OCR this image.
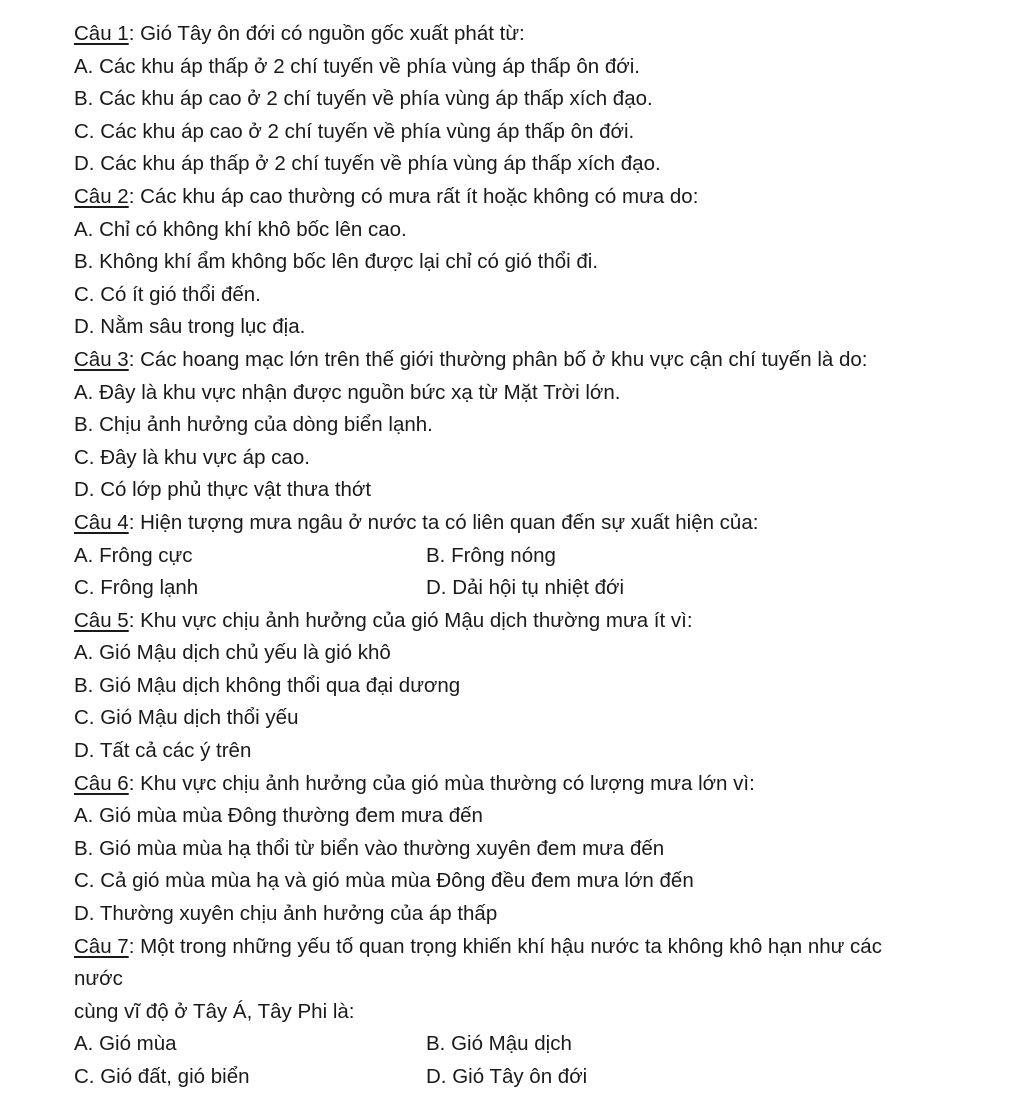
Câu 1: Gió Tây ôn đới có nguồn gốc xuất phát từ:
A. Các khu áp thấp ở 2 chí tuyến về phía vùng áp thấp ôn đới.
B. Các khu áp cao ở 2 chí tuyến về phía vùng áp thấp xích đạo.
C. Các khu áp cao ở 2 chí tuyến về phía vùng áp thấp ôn đới.
D. Các khu áp thấp ở 2 chí tuyến về phía vùng áp thấp xích đạo.
Câu 2: Các khu áp cao thường có mưa rất ít hoặc không có mưa do:
A. Chỉ có không khí khô bốc lên cao.
B. Không khí ẩm không bốc lên được lại chỉ có gió thổi đi.
C. Có ít gió thổi đến.
D. Nằm sâu trong lục địa.
Câu 3: Các hoang mạc lớn trên thế giới thường phân bố ở khu vực cận chí tuyến là do:
A. Đây là khu vực nhận được nguồn bức xạ từ Mặt Trời lớn.
B. Chịu ảnh hưởng của dòng biển lạnh.
C. Đây là khu vực áp cao.
D. Có lớp phủ thực vật thưa thớt
Câu 4: Hiện tượng mưa ngâu ở nước ta có liên quan đến sự xuất hiện của:
A. Frông cực	B. Frông nóng
C. Frông lạnh	D. Dải hội tụ nhiệt đới
Câu 5: Khu vực chịu ảnh hưởng của gió Mậu dịch thường mưa ít vì:
A. Gió Mậu dịch chủ yếu là gió khô
B. Gió Mậu dịch không thổi qua đại dương
C. Gió Mậu dịch thổi yếu
D. Tất cả các ý trên
Câu 6: Khu vực chịu ảnh hưởng của gió mùa thường có lượng mưa lớn vì:
A. Gió mùa mùa Đông thường đem mưa đến
B. Gió mùa mùa hạ thổi từ biển vào thường xuyên đem mưa đến
C. Cả gió mùa mùa hạ và gió mùa mùa Đông đều đem mưa lớn đến
D. Thường xuyên chịu ảnh hưởng của áp thấp
Câu 7: Một trong những yếu tố quan trọng khiến khí hậu nước ta không khô hạn như các
nước
cùng vĩ độ ở Tây Á, Tây Phi là:
A. Gió mùa	B. Gió Mậu dịch
C. Gió đất, gió biển	D. Gió Tây ôn đới
